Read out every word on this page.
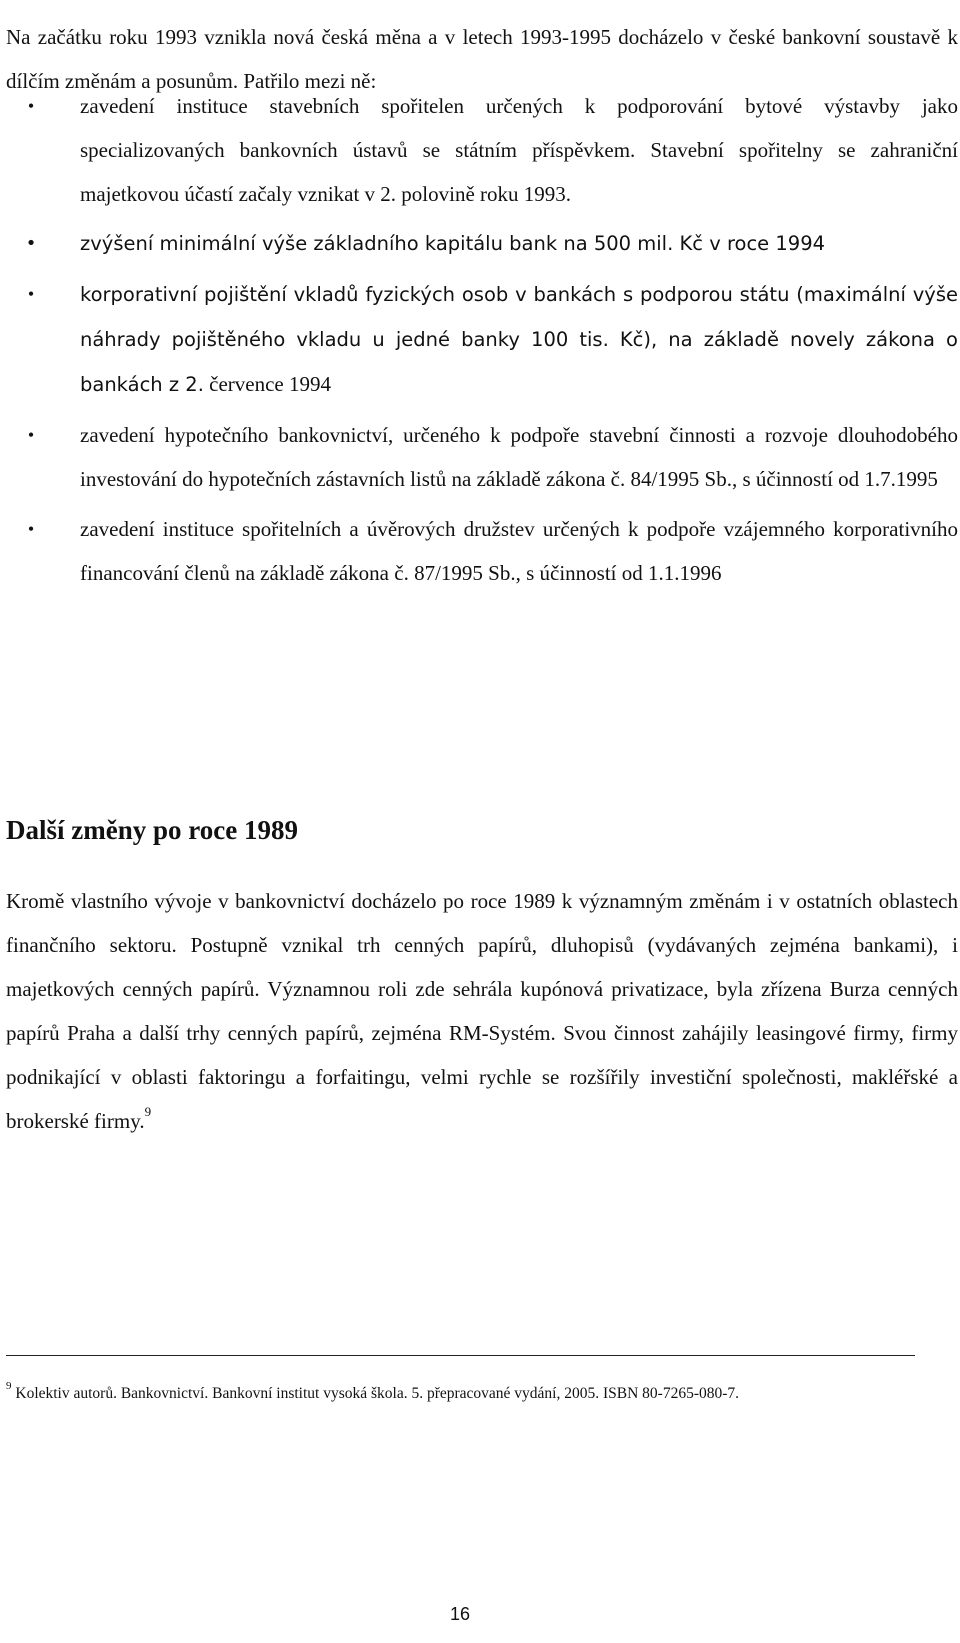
Na začátku roku 1993 vznikla nová česká měna a v letech 1993-1995 docházelo v české bankovní soustavě k dílčím změnám a posunům. Patřilo mezi ně:

•	zavedení instituce stavebních spořitelen určených k podporování bytové výstavby jako specializovaných bankovních ústavů se státním příspěvkem. Stavební spořitelny se zahraniční majetkovou účastí začaly vznikat v 2. polovině roku 1993.
• zvýšení minimální výše základního kapitálu bank na 500 mil. Kč v roce 1994
•	korporativní pojištění vkladů fyzických osob v bankách s podporou státu (maximální výše náhrady pojištěného vkladu u jedné banky 100 tis. Kč), na základě novely zákona o bankách z 2. července 1994
•	zavedení hypotečního bankovnictví, určeného k podpoře stavební činnosti a rozvoje dlouhodobého investování do hypotečních zástavních listů na základě zákona č. 84/1995 Sb., s účinností od 1.7.1995
•	zavedení instituce spořitelních a úvěrových družstev určených k podpoře vzájemného korporativního financování členů na základě zákona č. 87/1995 Sb., s účinností od 1.1.1996
Další změny po roce 1989

Kromě vlastního vývoje v bankovnictví docházelo po roce 1989 k významným změnám i v ostatních oblastech finančního sektoru. Postupně vznikal trh cenných papírů, dluhopisů (vydávaných zejména bankami), i majetkových cenných papírů. Významnou roli zde sehrála kupónová privatizace, byla zřízena Burza cenných papírů Praha a další trhy cenných papírů, zejména RM-Systém. Svou činnost zahájily leasingové firmy, firmy podnikající v oblasti faktoringu a forfaitingu, velmi rychle se rozšířily investiční společnosti, makléřské a brokerské firmy.$^9$

$^9$ Kolektiv autorů. Bankovnictví. Bankovní institut vysoká škola. 5. přepracované vydání, 2005. ISBN 80-7265-080-7.
16
